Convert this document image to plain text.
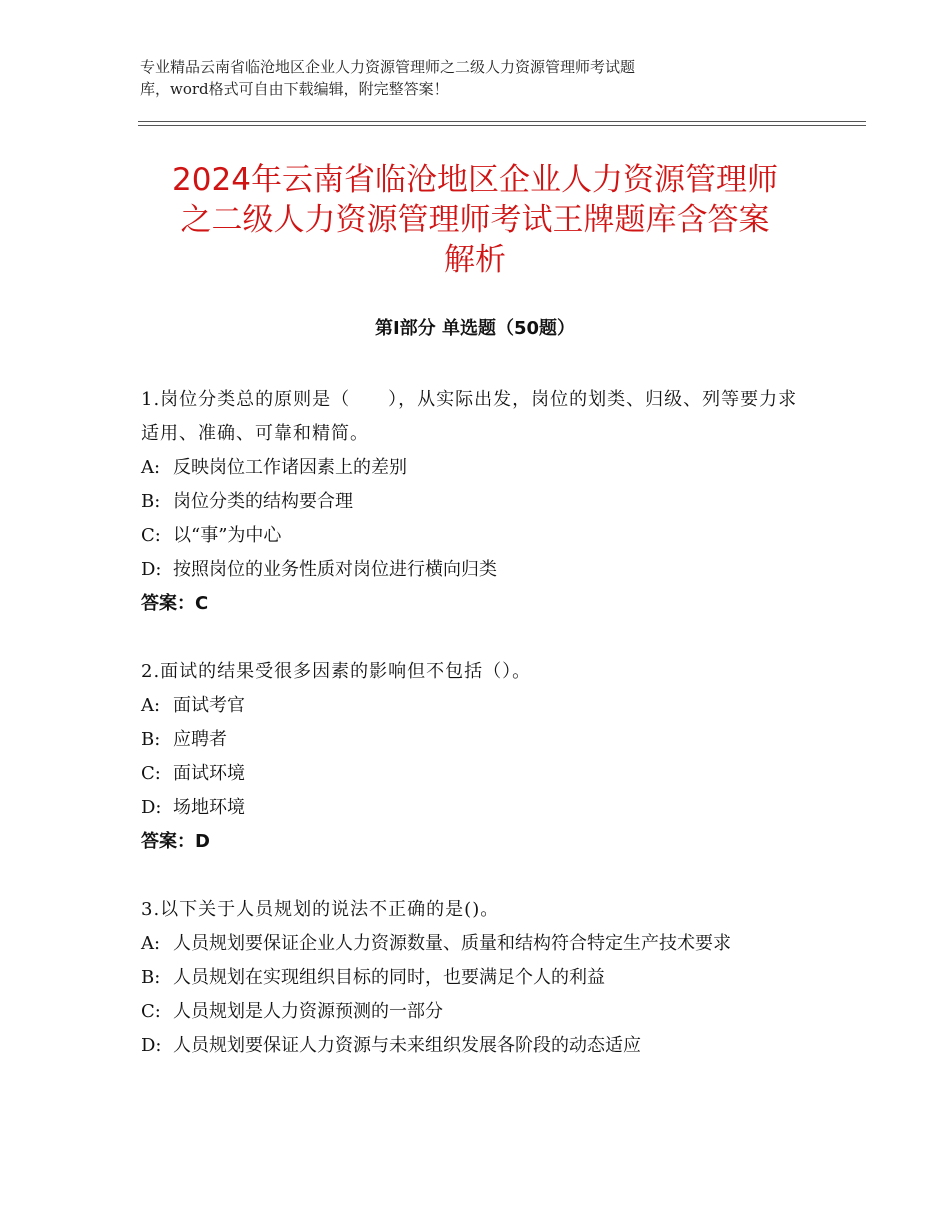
专业精品云南省临沧地区企业人力资源管理师之二级人力资源管理师考试题
库，word格式可自由下载编辑，附完整答案！
2024年云南省临沧地区企业人力资源管理师
之二级人力资源管理师考试王牌题库含答案
解析
第Ⅰ部分 单选题（50题）
1.岗位分类总的原则是（　　），从实际出发，岗位的划类、归级、列等要力求适用、准确、可靠和精简。
A: 反映岗位工作诸因素上的差别
B: 岗位分类的结构要合理
C: 以“事”为中心
D: 按照岗位的业务性质对岗位进行横向归类
答案：C
2.面试的结果受很多因素的影响但不包括（）。
A: 面试考官
B: 应聘者
C: 面试环境
D: 场地环境
答案：D
3.以下关于人员规划的说法不正确的是()。
A: 人员规划要保证企业人力资源数量、质量和结构符合特定生产技术要求
B: 人员规划在实现组织目标的同时，也要满足个人的利益
C: 人员规划是人力资源预测的一部分
D: 人员规划要保证人力资源与未来组织发展各阶段的动态适应
